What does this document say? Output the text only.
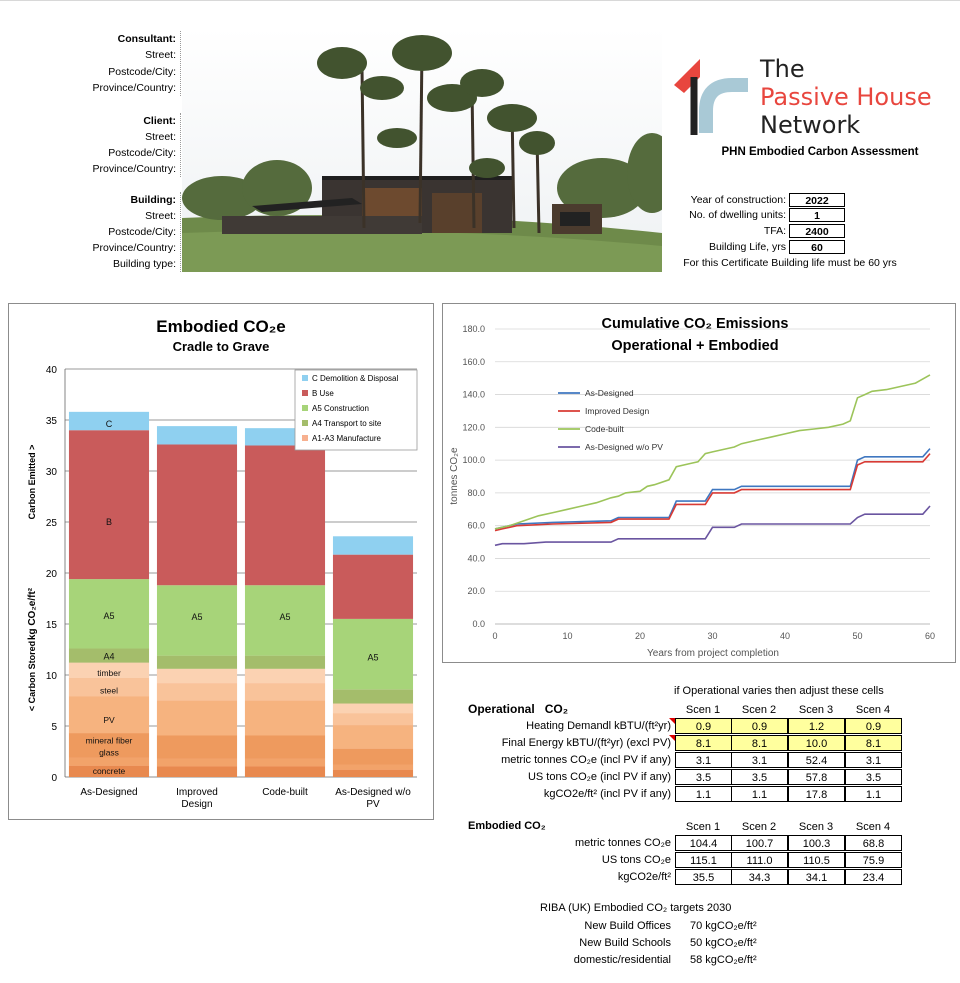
Consultant:
Street:
Postcode/City:
Province/Country:
Client:
Street:
Postcode/City:
Province/Country:
Building:
Street:
Postcode/City:
Province/Country:
Building type:
The
Passive House
Network
PHN Embodied Carbon Assessment
Year of construction:	2022
No. of dwelling units:	1
TFA:	2400
Building Life, yrs	60
For this Certificate Building life must be 60 yrs
Embodied CO₂e
Cradle to Grave
0
5
10
15
20
25
30
35
40
As-Designed	Improved Design
Code-built	As-Designed w/o PV
C
B
A5
A4
timber
steel
PV
mineral fiber
glass
concrete
A5	A5
A5
kg CO₂e/ft²
Carbon Emitted >
< Carbon Stored
C Demolition & Disposal
B Use
A5 Construction
A4 Transport to site
A1-A3 Manufacture
Cumulative CO₂ Emissions
Operational + Embodied
0.0
20.0
40.0
60.0
80.0
100.0
120.0
140.0
160.0
180.0
0	10	20	30	40	50	60
As-Designed
Improved Design
Code-built
As-Designed w/o PV
Years from project completion
tonnes CO₂e
if Operational varies then adjust these cells
Operational CO₂	Scen 1	Scen 2	Scen 3	Scen 4
Heating Demandl kBTU/(ft²yr)	0.9	0.9	1.2	0.9
Final Energy kBTU/(ft²yr) (excl PV)	8.1	8.1	10.0	8.1
metric tonnes CO₂e (incl PV if any)	3.1	3.1	52.4	3.1
US tons CO₂e (incl PV if any)	3.5	3.5	57.8	3.5
kgCO2e/ft² (incl PV if any)	1.1	1.1	17.8	1.1
Embodied CO₂	Scen 1	Scen 2	Scen 3	Scen 4
metric tonnes CO₂e	104.4	100.7	100.3	68.8
US tons CO₂e	115.1	111.0	110.5	75.9
kgCO2e/ft²	35.5	34.3	34.1	23.4
RIBA (UK) Embodied CO₂ targets 2030
New Build Offices 70 kgCO₂e/ft²
New Build Schools 50 kgCO₂e/ft²
domestic/residential 58 kgCO₂e/ft²
